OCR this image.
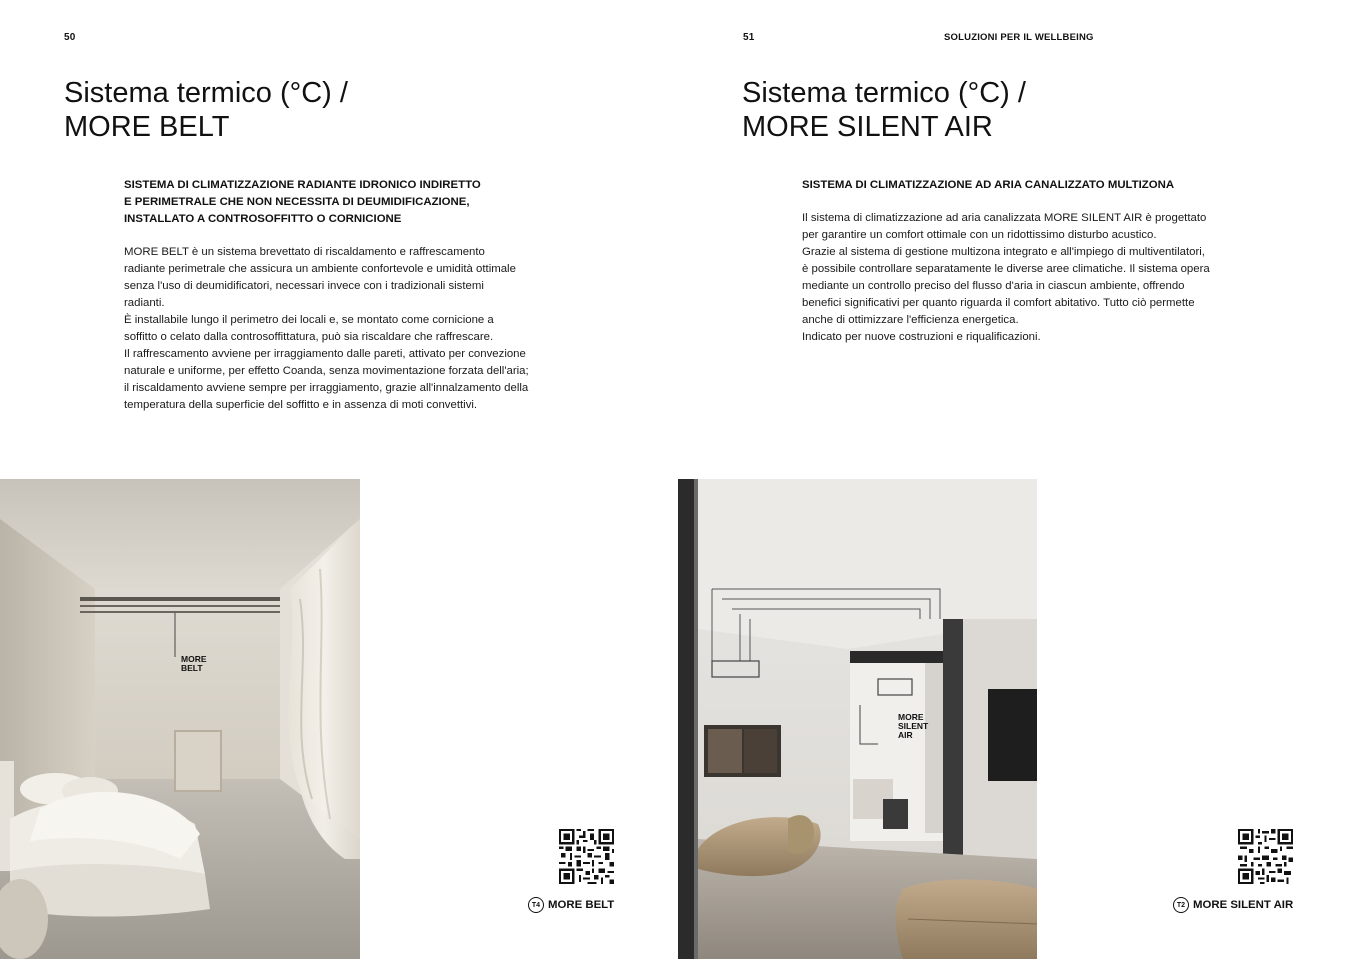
50
Sistema termico (°C) /
MORE BELT
SISTEMA DI CLIMATIZZAZIONE RADIANTE IDRONICO INDIRETTO
E PERIMETRALE CHE NON NECESSITA DI DEUMIDIFICAZIONE,
INSTALLATO A CONTROSOFFITTO O CORNICIONE
MORE BELT è un sistema brevettato di riscaldamento e raffrescamento
radiante perimetrale che assicura un ambiente confortevole e umidità ottimale
senza l'uso di deumidificatori, necessari invece con i tradizionali sistemi
radianti.
È installabile lungo il perimetro dei locali e, se montato come cornicione a
soffitto o celato dalla controsoffittatura, può sia riscaldare che raffrescare.
Il raffrescamento avviene per irraggiamento dalle pareti, attivato per convezione
naturale e uniforme, per effetto Coanda, senza movimentazione forzata dell'aria;
il riscaldamento avviene sempre per irraggiamento, grazie all'innalzamento della
temperatura della superficie del soffitto e in assenza di moti convettivi.
T4 MORE BELT
MORE
BELT
51	SOLUZIONI PER IL WELLBEING
Sistema termico (°C) /
MORE SILENT AIR
SISTEMA DI CLIMATIZZAZIONE AD ARIA CANALIZZATO MULTIZONA
Il sistema di climatizzazione ad aria canalizzata MORE SILENT AIR è progettato
per garantire un comfort ottimale con un ridottissimo disturbo acustico.
Grazie al sistema di gestione multizona integrato e all'impiego di multiventilatori,
è possibile controllare separatamente le diverse aree climatiche. Il sistema opera
mediante un controllo preciso del flusso d'aria in ciascun ambiente, offrendo
benefici significativi per quanto riguarda il comfort abitativo. Tutto ciò permette
anche di ottimizzare l'efficienza energetica.
Indicato per nuove costruzioni e riqualificazioni.
T2 MORE SILENT AIR
MORE
SILENT
AIR
